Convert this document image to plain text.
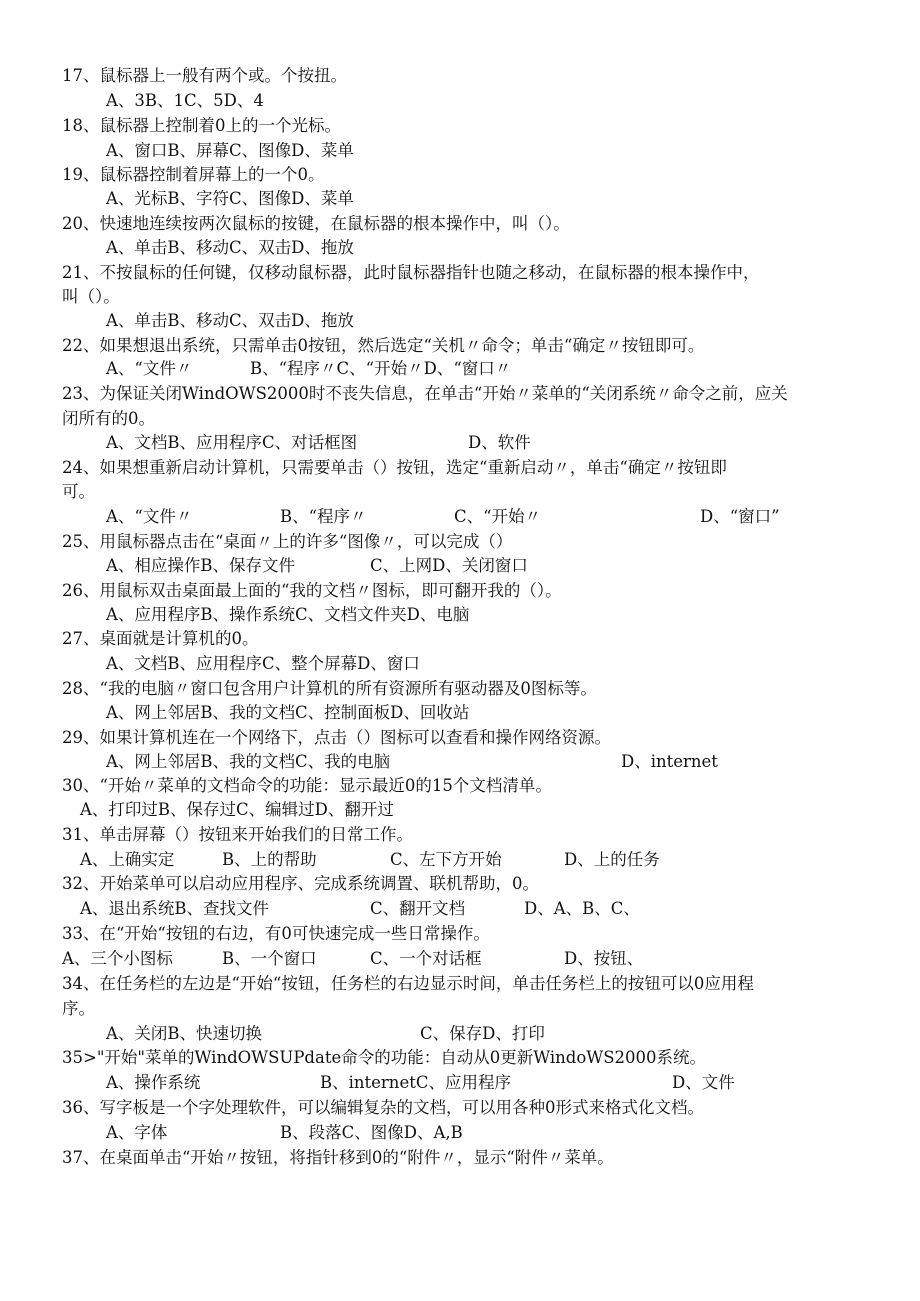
17、鼠标器上一般有两个或。个按扭。
A、3B、1C、5D、4
18、鼠标器上控制着0上的一个光标。
A、窗口B、屏幕C、图像D、菜单
19、鼠标器控制着屏幕上的一个0。
A、光标B、字符C、图像D、菜单
20、快速地连续按两次鼠标的按键，在鼠标器的根本操作中，叫（）。
A、单击B、移动C、双击D、拖放
21、不按鼠标的任何键，仅移动鼠标器，此时鼠标器指针也随之移动，在鼠标器的根本操作中，
叫（）。
A、单击B、移动C、双击D、拖放
22、如果想退出系统，只需单击0按钮，然后选定“关机〃命令；单击“确定〃按钮即可。
A、“文件〃	B、“程序〃C、“开始〃D、“窗口〃
23、为保证关闭WindOWS2000时不丧失信息，在单击“开始〃菜单的“关闭系统〃命令之前，应关
闭所有的0。
A、文档B、应用程序C、对话框图	D、软件
24、如果想重新启动计算机，只需要单击（）按钮，选定“重新启动〃，单击“确定〃按钮即
可。
A、“文件〃	B、“程序〃	C、“开始〃	D、“窗口”
25、用鼠标器点击在“桌面〃上的许多“图像〃，可以完成（）
A、相应操作B、保存文件	C、上网D、关闭窗口
26、用鼠标双击桌面最上面的“我的文档〃图标，即可翻开我的（）。
A、应用程序B、操作系统C、文档文件夹D、电脑
27、桌面就是计算机的0。
A、文档B、应用程序C、整个屏幕D、窗口
28、“我的电脑〃窗口包含用户计算机的所有资源所有驱动器及0图标等。
A、网上邻居B、我的文档C、控制面板D、回收站
29、如果计算机连在一个网络下，点击（）图标可以查看和操作网络资源。
A、网上邻居B、我的文档C、我的电脑	D、internet
30、“开始〃菜单的文档命令的功能：显示最近0的15个文档清单。
A、打印过B、保存过C、编辑过D、翻开过
31、单击屏幕（）按钮来开始我们的日常工作。
A、上确实定	B、上的帮助	C、左下方开始	D、上的任务
32、开始菜单可以启动应用程序、完成系统调置、联机帮助，0。
A、退出系统B、查找文件	C、翻开文档	D、A、B、C、
33、在“开始“按钮的右边，有0可快速完成一些日常操作。
A、三个小图标	B、一个窗口	C、一个对话框	D、按钮、
34、在任务栏的左边是“开始“按钮，任务栏的右边显示时间，单击任务栏上的按钮可以0应用程
序。
A、关闭B、快速切换	C、保存D、打印
35>"开始"菜单的WindOWSUPdate命令的功能：自动从0更新WindoWS2000系统。
A、操作系统	B、internetC、应用程序	D、文件
36、写字板是一个字处理软件，可以编辑复杂的文档，可以用各种0形式来格式化文档。
A、字体	B、段落C、图像D、A,B
37、在桌面单击“开始〃按钮，将指针移到0的“附件〃，显示“附件〃菜单。
